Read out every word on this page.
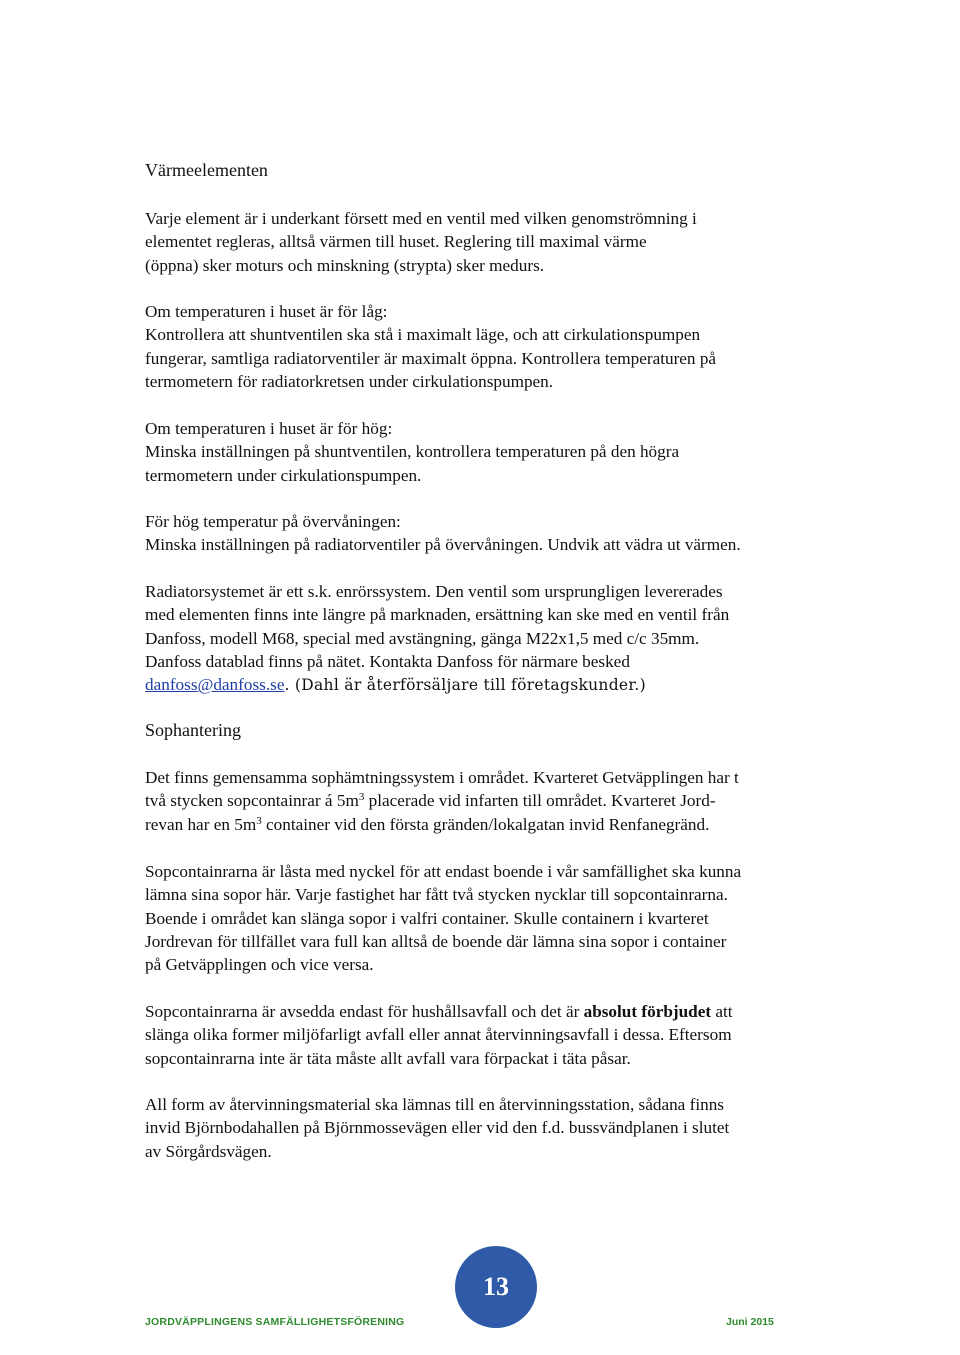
Värmeelementen

Varje element är i underkant försett med en ventil med vilken genomströmning i
elementet regleras, alltså värmen till huset. Reglering till maximal värme
(öppna) sker moturs och minskning (strypta) sker medurs.

Om temperaturen i huset är för låg:
Kontrollera att shuntventilen ska stå i maximalt läge, och att cirkulationspumpen
fungerar, samtliga radiatorventiler är maximalt öppna. Kontrollera temperaturen på
termometern för radiatorkretsen under cirkulationspumpen.

Om temperaturen i huset är för hög:
Minska inställningen på shuntventilen, kontrollera temperaturen på den högra
termometern under cirkulationspumpen.

För hög temperatur på övervåningen:
Minska inställningen på radiatorventiler på övervåningen. Undvik att vädra ut värmen.

Radiatorsystemet är ett s.k. enrörssystem. Den ventil som ursprungligen levererades
med elementen finns inte längre på marknaden, ersättning kan ske med en ventil från
Danfoss, modell M68, special med avstängning, gänga M22x1,5 med c/c 35mm.
Danfoss datablad finns på nätet. Kontakta Danfoss för närmare besked
danfoss@danfoss.se. (Dahl är återförsäljare till företagskunder.)

Sophantering

Det finns gemensamma sophämtningssystem i området. Kvarteret Getväpplingen har t
två stycken sopcontainrar á $5m^3$ placerade vid infarten till området. Kvarteret Jord-
revan har en $5m^3$ container vid den första gränden/lokalgatan invid Renfanegränd.

Sopcontainrarna är låsta med nyckel för att endast boende i vår samfällighet ska kunna
lämna sina sopor här. Varje fastighet har fått två stycken nycklar till sopcontainrarna.
Boende i området kan slänga sopor i valfri container. Skulle containern i kvarteret
Jordrevan för tillfället vara full kan alltså de boende där lämna sina sopor i container
på Getväpplingen och vice versa.

Sopcontainrarna är avsedda endast för hushållsavfall och det är absolut förbjudet att
slänga olika former miljöfarligt avfall eller annat återvinningsavfall i dessa. Eftersom
sopcontainrarna inte är täta måste allt avfall vara förpackat i täta påsar.

All form av återvinningsmaterial ska lämnas till en återvinningsstation, sådana finns
invid Björnbodahallen på Björnmossevägen eller vid den f.d. bussvändplanen i slutet
av Sörgårdsvägen.

13
JORDVÄPPLINGENS SAMFÄLLIGHETSFÖRENING	Juni 2015
